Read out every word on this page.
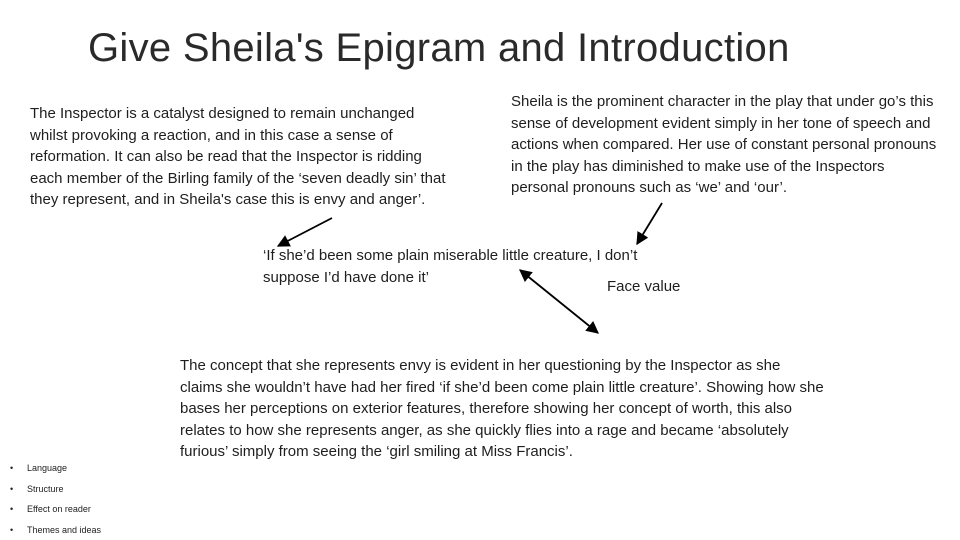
Give Sheila's Epigram and Introduction
The Inspector is a catalyst designed to remain unchanged whilst provoking a reaction, and in this case a sense of reformation. It can also be read that the Inspector is ridding each member of the Birling family of the ‘seven deadly sin’ that they represent, and in Sheila's case this is envy and anger’.
Sheila is the prominent character in the play that under go’s this sense of development evident simply in her tone of speech and actions when compared. Her use of constant personal pronouns in the play has diminished to make use of the Inspectors personal pronouns such as ‘we’ and ‘our’.
‘If she’d been some plain miserable little creature, I don’t suppose I’d have done it’
Face value
The concept that she represents envy is evident in her questioning by the Inspector as she claims she wouldn’t have had her fired ‘if she’d been come plain little creature’. Showing how she bases her perceptions on exterior features, therefore showing her concept of worth, this also relates to how she represents anger, as she quickly flies into a rage and became ‘absolutely furious’ simply from seeing the ‘girl smiling at Miss Francis’.
• Language
• Structure
• Effect on reader
• Themes and ideas
